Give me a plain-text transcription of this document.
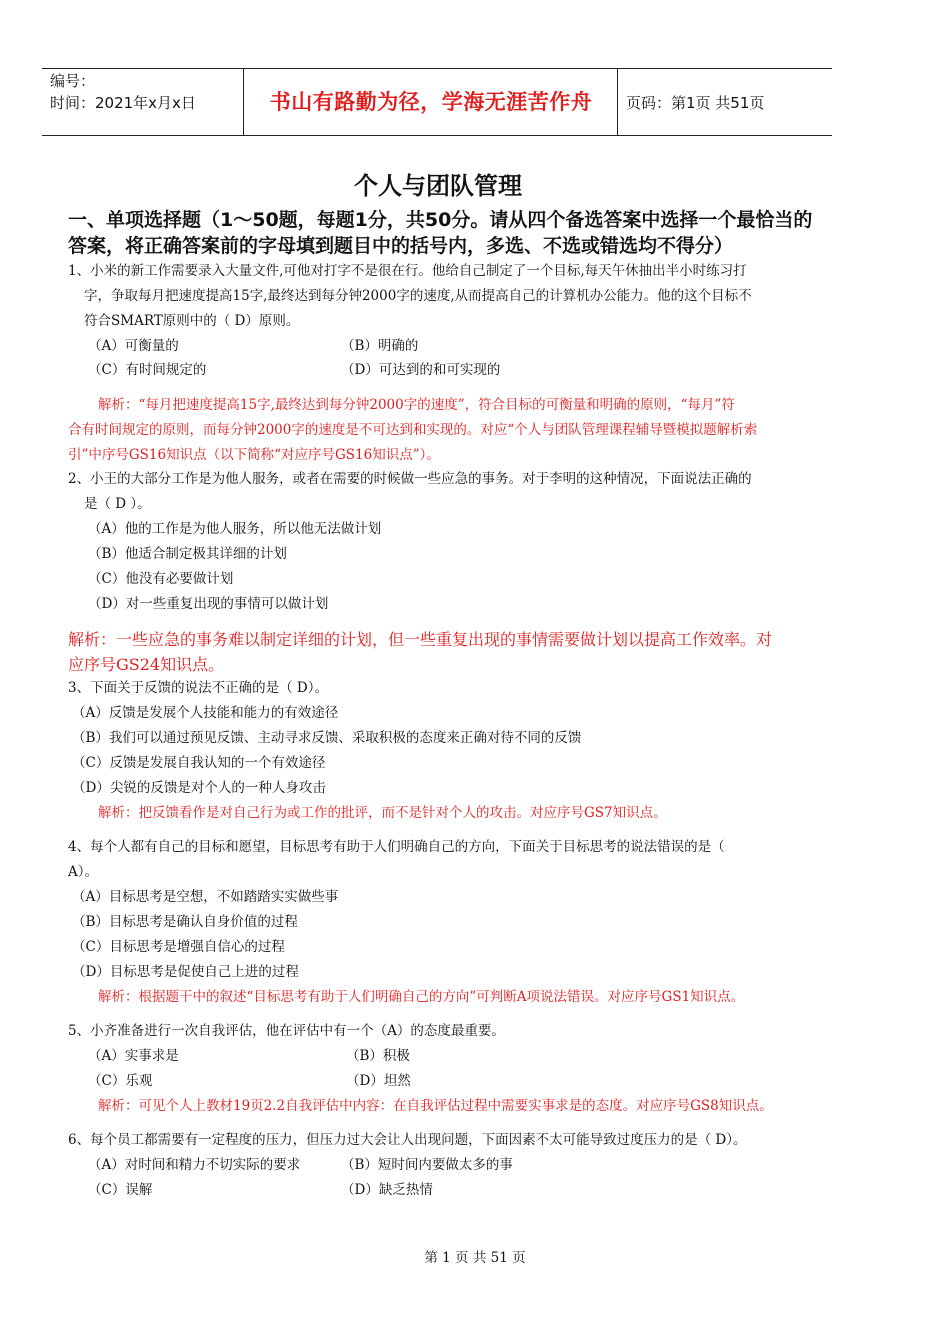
编号：
时间：2021年x月x日	书山有路勤为径，学海无涯苦作舟	页码：第1页 共51页
个人与团队管理
一、单项选择题（1～50题，每题1分，共50分。请从四个备选答案中选择一个最恰当的答案，将正确答案前的字母填到题目中的括号内，多选、不选或错选均不得分）
1、小米的新工作需要录入大量文件,可他对打字不是很在行。他给自己制定了一个目标,每天午休抽出半小时练习打
字，争取每月把速度提高15字,最终达到每分钟2000字的速度,从而提高自己的计算机办公能力。他的这个目标不
符合SMART原则中的（ D）原则。
（A）可衡量的	（B）明确的
（C）有时间规定的	（D）可达到的和可实现的
解析：“每月把速度提高15字,最终达到每分钟2000字的速度”，符合目标的可衡量和明确的原则，“每月”符
合有时间规定的原则，而每分钟2000字的速度是不可达到和实现的。对应“个人与团队管理课程辅导暨模拟题解析索
引”中序号GS16知识点（以下简称“对应序号GS16知识点”）。
2、小王的大部分工作是为他人服务，或者在需要的时候做一些应急的事务。对于李明的这种情况，下面说法正确的
是（ D ）。
（A）他的工作是为他人服务，所以他无法做计划
（B）他适合制定极其详细的计划
（C）他没有必要做计划
（D）对一些重复出现的事情可以做计划
解析：一些应急的事务难以制定详细的计划，但一些重复出现的事情需要做计划以提高工作效率。对
应序号GS24知识点。
3、下面关于反馈的说法不正确的是（ D）。
（A）反馈是发展个人技能和能力的有效途径
（B）我们可以通过预见反馈、主动寻求反馈、采取积极的态度来正确对待不同的反馈
（C）反馈是发展自我认知的一个有效途径
（D）尖锐的反馈是对个人的一种人身攻击
解析：把反馈看作是对自己行为或工作的批评，而不是针对个人的攻击。对应序号GS7知识点。
4、每个人都有自己的目标和愿望，目标思考有助于人们明确自己的方向，下面关于目标思考的说法错误的是（
A）。
（A）目标思考是空想，不如踏踏实实做些事
（B）目标思考是确认自身价值的过程
（C）目标思考是增强自信心的过程
（D）目标思考是促使自己上进的过程
解析：根据题干中的叙述“目标思考有助于人们明确自己的方向”可判断A项说法错误。对应序号GS1知识点。
5、小齐准备进行一次自我评估，他在评估中有一个（A）的态度最重要。
（A）实事求是	（B）积极
（C）乐观	（D）坦然
解析：可见个人上教材19页2.2自我评估中内容：在自我评估过程中需要实事求是的态度。对应序号GS8知识点。
6、每个员工都需要有一定程度的压力，但压力过大会让人出现问题，下面因素不太可能导致过度压力的是（ D）。
（A）对时间和精力不切实际的要求	（B）短时间内要做太多的事
（C）误解	（D）缺乏热情
第 1 页 共 51 页
